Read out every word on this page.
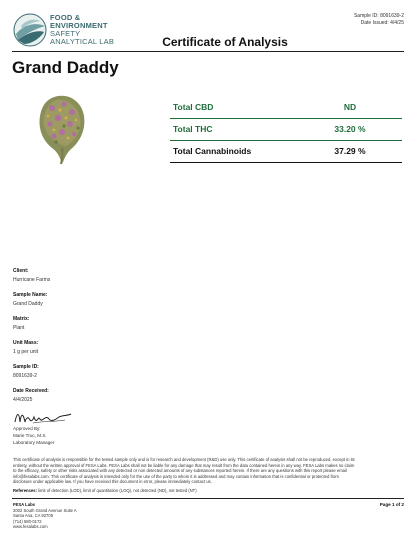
FOOD &
ENVIRONMENT
SAFETY
ANALYTICAL LAB
Sample ID: 8091639-2
Date Issued: 4/4/25
Certificate of Analysis
Grand Daddy
Total CBD	ND
Total THC	33.20 %
Total Cannabinoids	37.29 %
Client:
Hurricane Farms
Sample Name:
Grand Daddy
Matrix:
Plant
Unit Mass:
1 g per unit
Sample ID:
8091639-2
Date Received:
4/4/2025
Approved By:
Marie Truc, M.S.
Laboratory Manager
This certificate of analysis is responsible for the tested sample only and is for research and development (R&D) use only. This certificate of analysis shall not be reproduced, except in its
entirety, without the written approval of FESA Labs. FESA Labs shall not be liable for any damage that may result from the data contained herein in any way. FESA Labs makes no claim
to the efficacy, safety or other risks associated with any detected or non detected amounts of any substances reported herein. If there are any questions with this report please email
info@fesalabs.com. This certificate of analysis is intended only for the use of the party to whom it is addressed and may contain information that is confidential or protected from
disclosure under applicable law. If you have received this document in error, please immediately contact us.
References: limit of detection (LOD), limit of quantitation (LOQ), not detected (ND), not tested (NT)
FESA Labs
2002 South Grand Avenue Suite A
Santa Ana, CA 92705
(714) 580-0172
www.fesalabs.com
Page 1 of 2
